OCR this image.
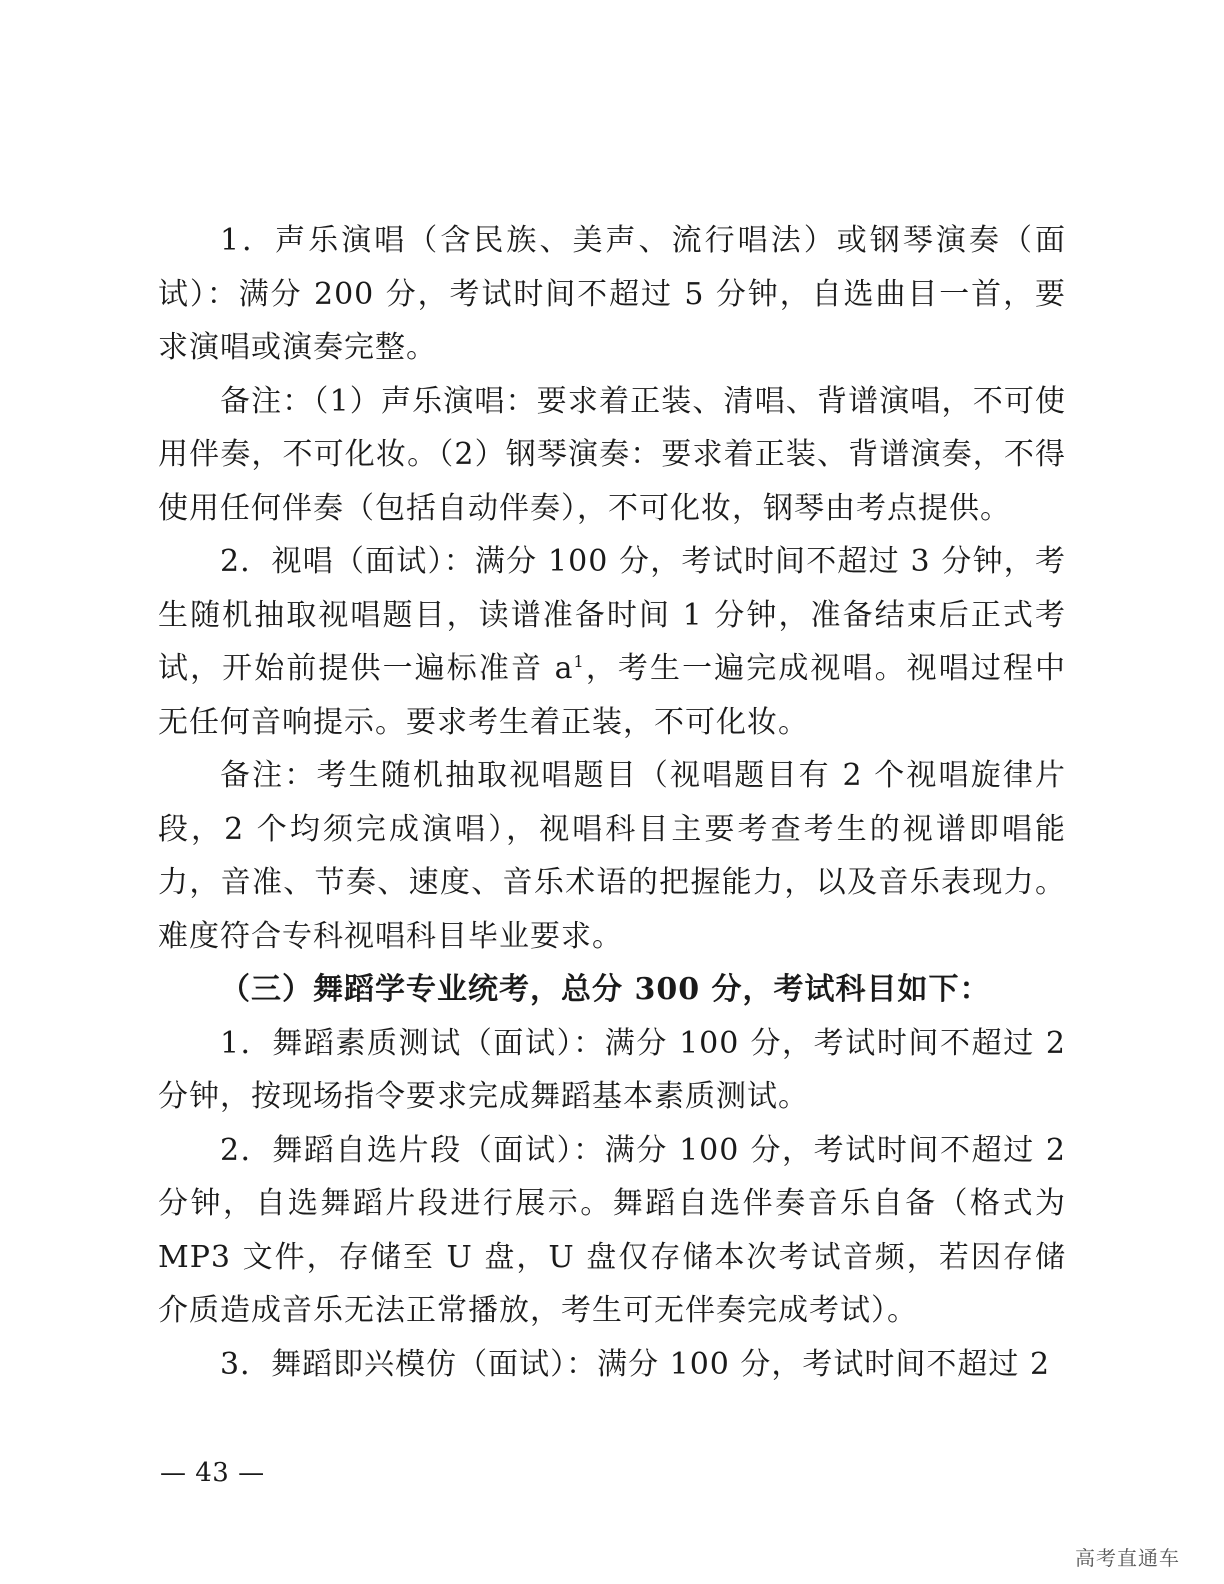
1．声乐演唱（含民族、美声、流行唱法）或钢琴演奏（面试）：满分 200 分，考试时间不超过 5 分钟，自选曲目一首，要求演唱或演奏完整。

备注：（1）声乐演唱：要求着正装、清唱、背谱演唱，不可使用伴奏，不可化妆。（2）钢琴演奏：要求着正装、背谱演奏，不得使用任何伴奏（包括自动伴奏），不可化妆，钢琴由考点提供。

2．视唱（面试）：满分 100 分，考试时间不超过 3 分钟，考生随机抽取视唱题目，读谱准备时间 1 分钟，准备结束后正式考试，开始前提供一遍标准音 $a^1$，考生一遍完成视唱。视唱过程中无任何音响提示。要求考生着正装，不可化妆。

备注：考生随机抽取视唱题目（视唱题目有 2 个视唱旋律片段，2 个均须完成演唱），视唱科目主要考查考生的视谱即唱能力，音准、节奏、速度、音乐术语的把握能力，以及音乐表现力。难度符合专科视唱科目毕业要求。

（三）舞蹈学专业统考，总分 300 分，考试科目如下：

1．舞蹈素质测试（面试）：满分 100 分，考试时间不超过 2 分钟，按现场指令要求完成舞蹈基本素质测试。

2．舞蹈自选片段（面试）：满分 100 分，考试时间不超过 2 分钟，自选舞蹈片段进行展示。舞蹈自选伴奏音乐自备（格式为 MP3 文件，存储至 U 盘，U 盘仅存储本次考试音频，若因存储介质造成音乐无法正常播放，考生可无伴奏完成考试）。

3．舞蹈即兴模仿（面试）：满分 100 分，考试时间不超过 2

— 43 —
高考直通车
